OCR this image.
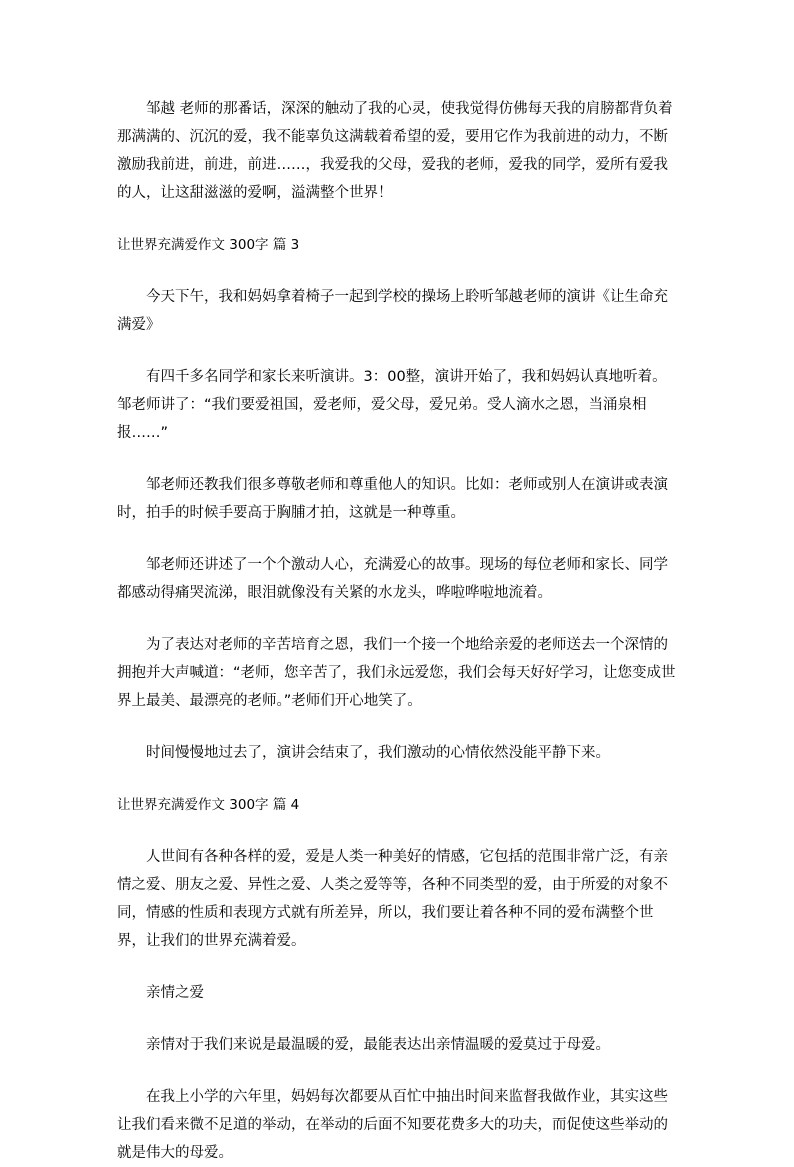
邹越 老师的那番话，深深的触动了我的心灵，使我觉得仿佛每天我的肩膀都背负着那满满的、沉沉的爱，我不能辜负这满载着希望的爱，要用它作为我前进的动力，不断激励我前进，前进，前进……，我爱我的父母，爱我的老师，爱我的同学，爱所有爱我的人，让这甜滋滋的爱啊，溢满整个世界！

让世界充满爱作文 300字 篇 3

今天下午，我和妈妈拿着椅子一起到学校的操场上聆听邹越老师的演讲《让生命充满爱》

有四千多名同学和家长来听演讲。3：00整，演讲开始了，我和妈妈认真地听着。邹老师讲了：“我们要爱祖国，爱老师，爱父母，爱兄弟。受人滴水之恩，当涌泉相报……”

邹老师还教我们很多尊敬老师和尊重他人的知识。比如：老师或别人在演讲或表演时，拍手的时候手要高于胸脯才拍，这就是一种尊重。

邹老师还讲述了一个个激动人心，充满爱心的故事。现场的每位老师和家长、同学都感动得痛哭流涕，眼泪就像没有关紧的水龙头，哗啦哗啦地流着。

为了表达对老师的辛苦培育之恩，我们一个接一个地给亲爱的老师送去一个深情的拥抱并大声喊道：“老师，您辛苦了，我们永远爱您，我们会每天好好学习，让您变成世界上最美、最漂亮的老师。”老师们开心地笑了。

时间慢慢地过去了，演讲会结束了，我们激动的心情依然没能平静下来。

让世界充满爱作文 300字 篇 4

人世间有各种各样的爱，爱是人类一种美好的情感，它包括的范围非常广泛，有亲情之爱、朋友之爱、异性之爱、人类之爱等等，各种不同类型的爱，由于所爱的对象不同，情感的性质和表现方式就有所差异，所以，我们要让着各种不同的爱布满整个世界，让我们的世界充满着爱。

亲情之爱

亲情对于我们来说是最温暖的爱，最能表达出亲情温暖的爱莫过于母爱。

在我上小学的六年里，妈妈每次都要从百忙中抽出时间来监督我做作业，其实这些让我们看来微不足道的举动，在举动的后面不知要花费多大的功夫，而促使这些举动的就是伟大的母爱。
